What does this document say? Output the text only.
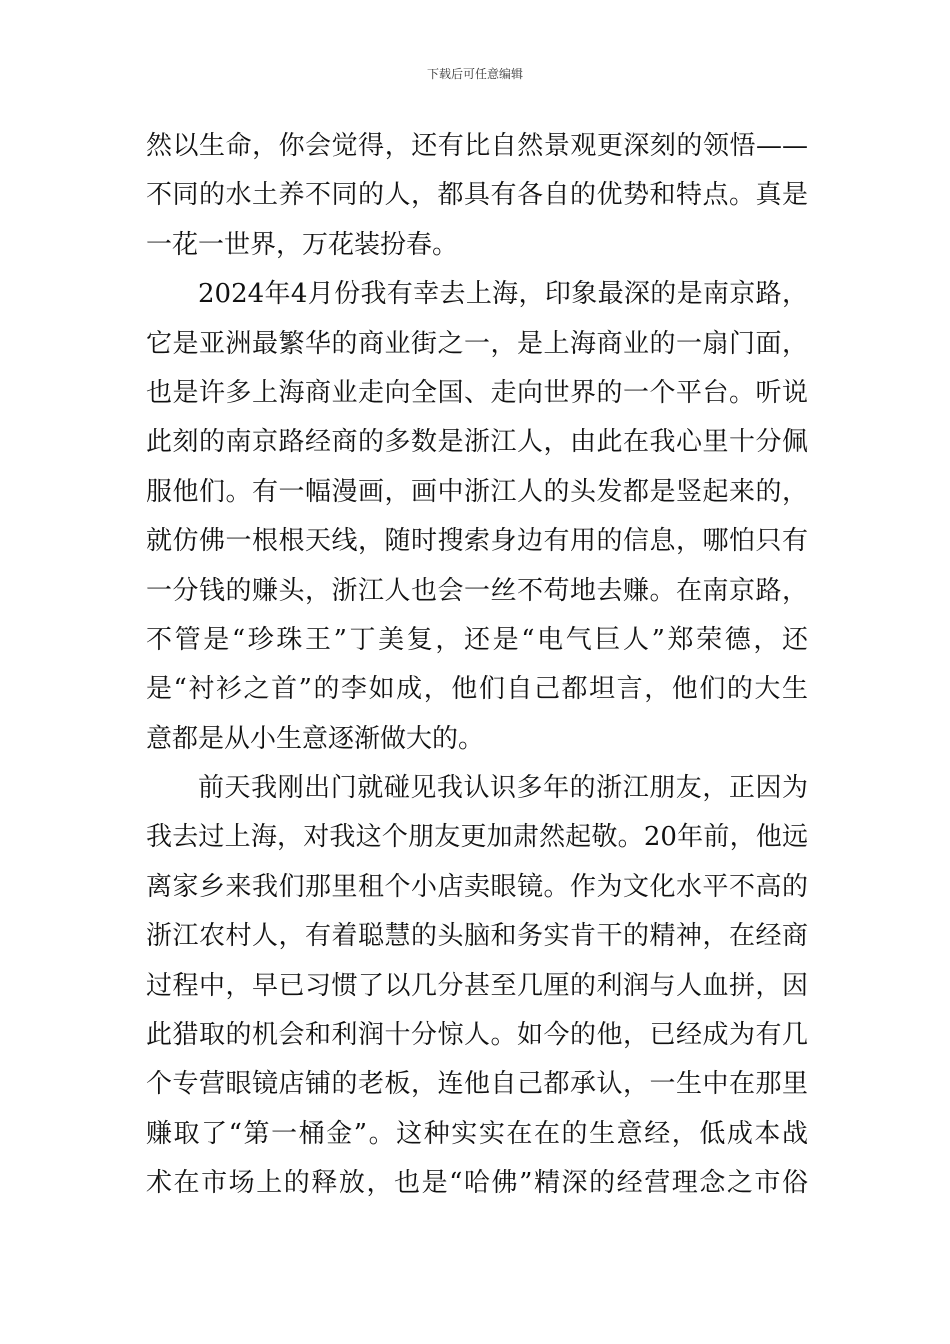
下载后可任意编辑
然以生命，你会觉得，还有比自然景观更深刻的领悟——
不同的水土养不同的人，都具有各自的优势和特点。真是
一花一世界，万花装扮春。
2024年4月份我有幸去上海，印象最深的是南京路，
它是亚洲最繁华的商业街之一，是上海商业的一扇门面，
也是许多上海商业走向全国、走向世界的一个平台。听说
此刻的南京路经商的多数是浙江人，由此在我心里十分佩
服他们。有一幅漫画，画中浙江人的头发都是竖起来的，
就仿佛一根根天线，随时搜索身边有用的信息，哪怕只有
一分钱的赚头，浙江人也会一丝不苟地去赚。在南京路，
不管是“珍珠王”丁美复，还是“电气巨人”郑荣德，还
是“衬衫之首”的李如成，他们自己都坦言，他们的大生
意都是从小生意逐渐做大的。
前天我刚出门就碰见我认识多年的浙江朋友，正因为
我去过上海，对我这个朋友更加肃然起敬。20年前，他远
离家乡来我们那里租个小店卖眼镜。作为文化水平不高的
浙江农村人，有着聪慧的头脑和务实肯干的精神，在经商
过程中，早已习惯了以几分甚至几厘的利润与人血拼，因
此猎取的机会和利润十分惊人。如今的他，已经成为有几
个专营眼镜店铺的老板，连他自己都承认，一生中在那里
赚取了“第一桶金”。这种实实在在的生意经，低成本战
术在市场上的释放，也是“哈佛”精深的经营理念之市俗
